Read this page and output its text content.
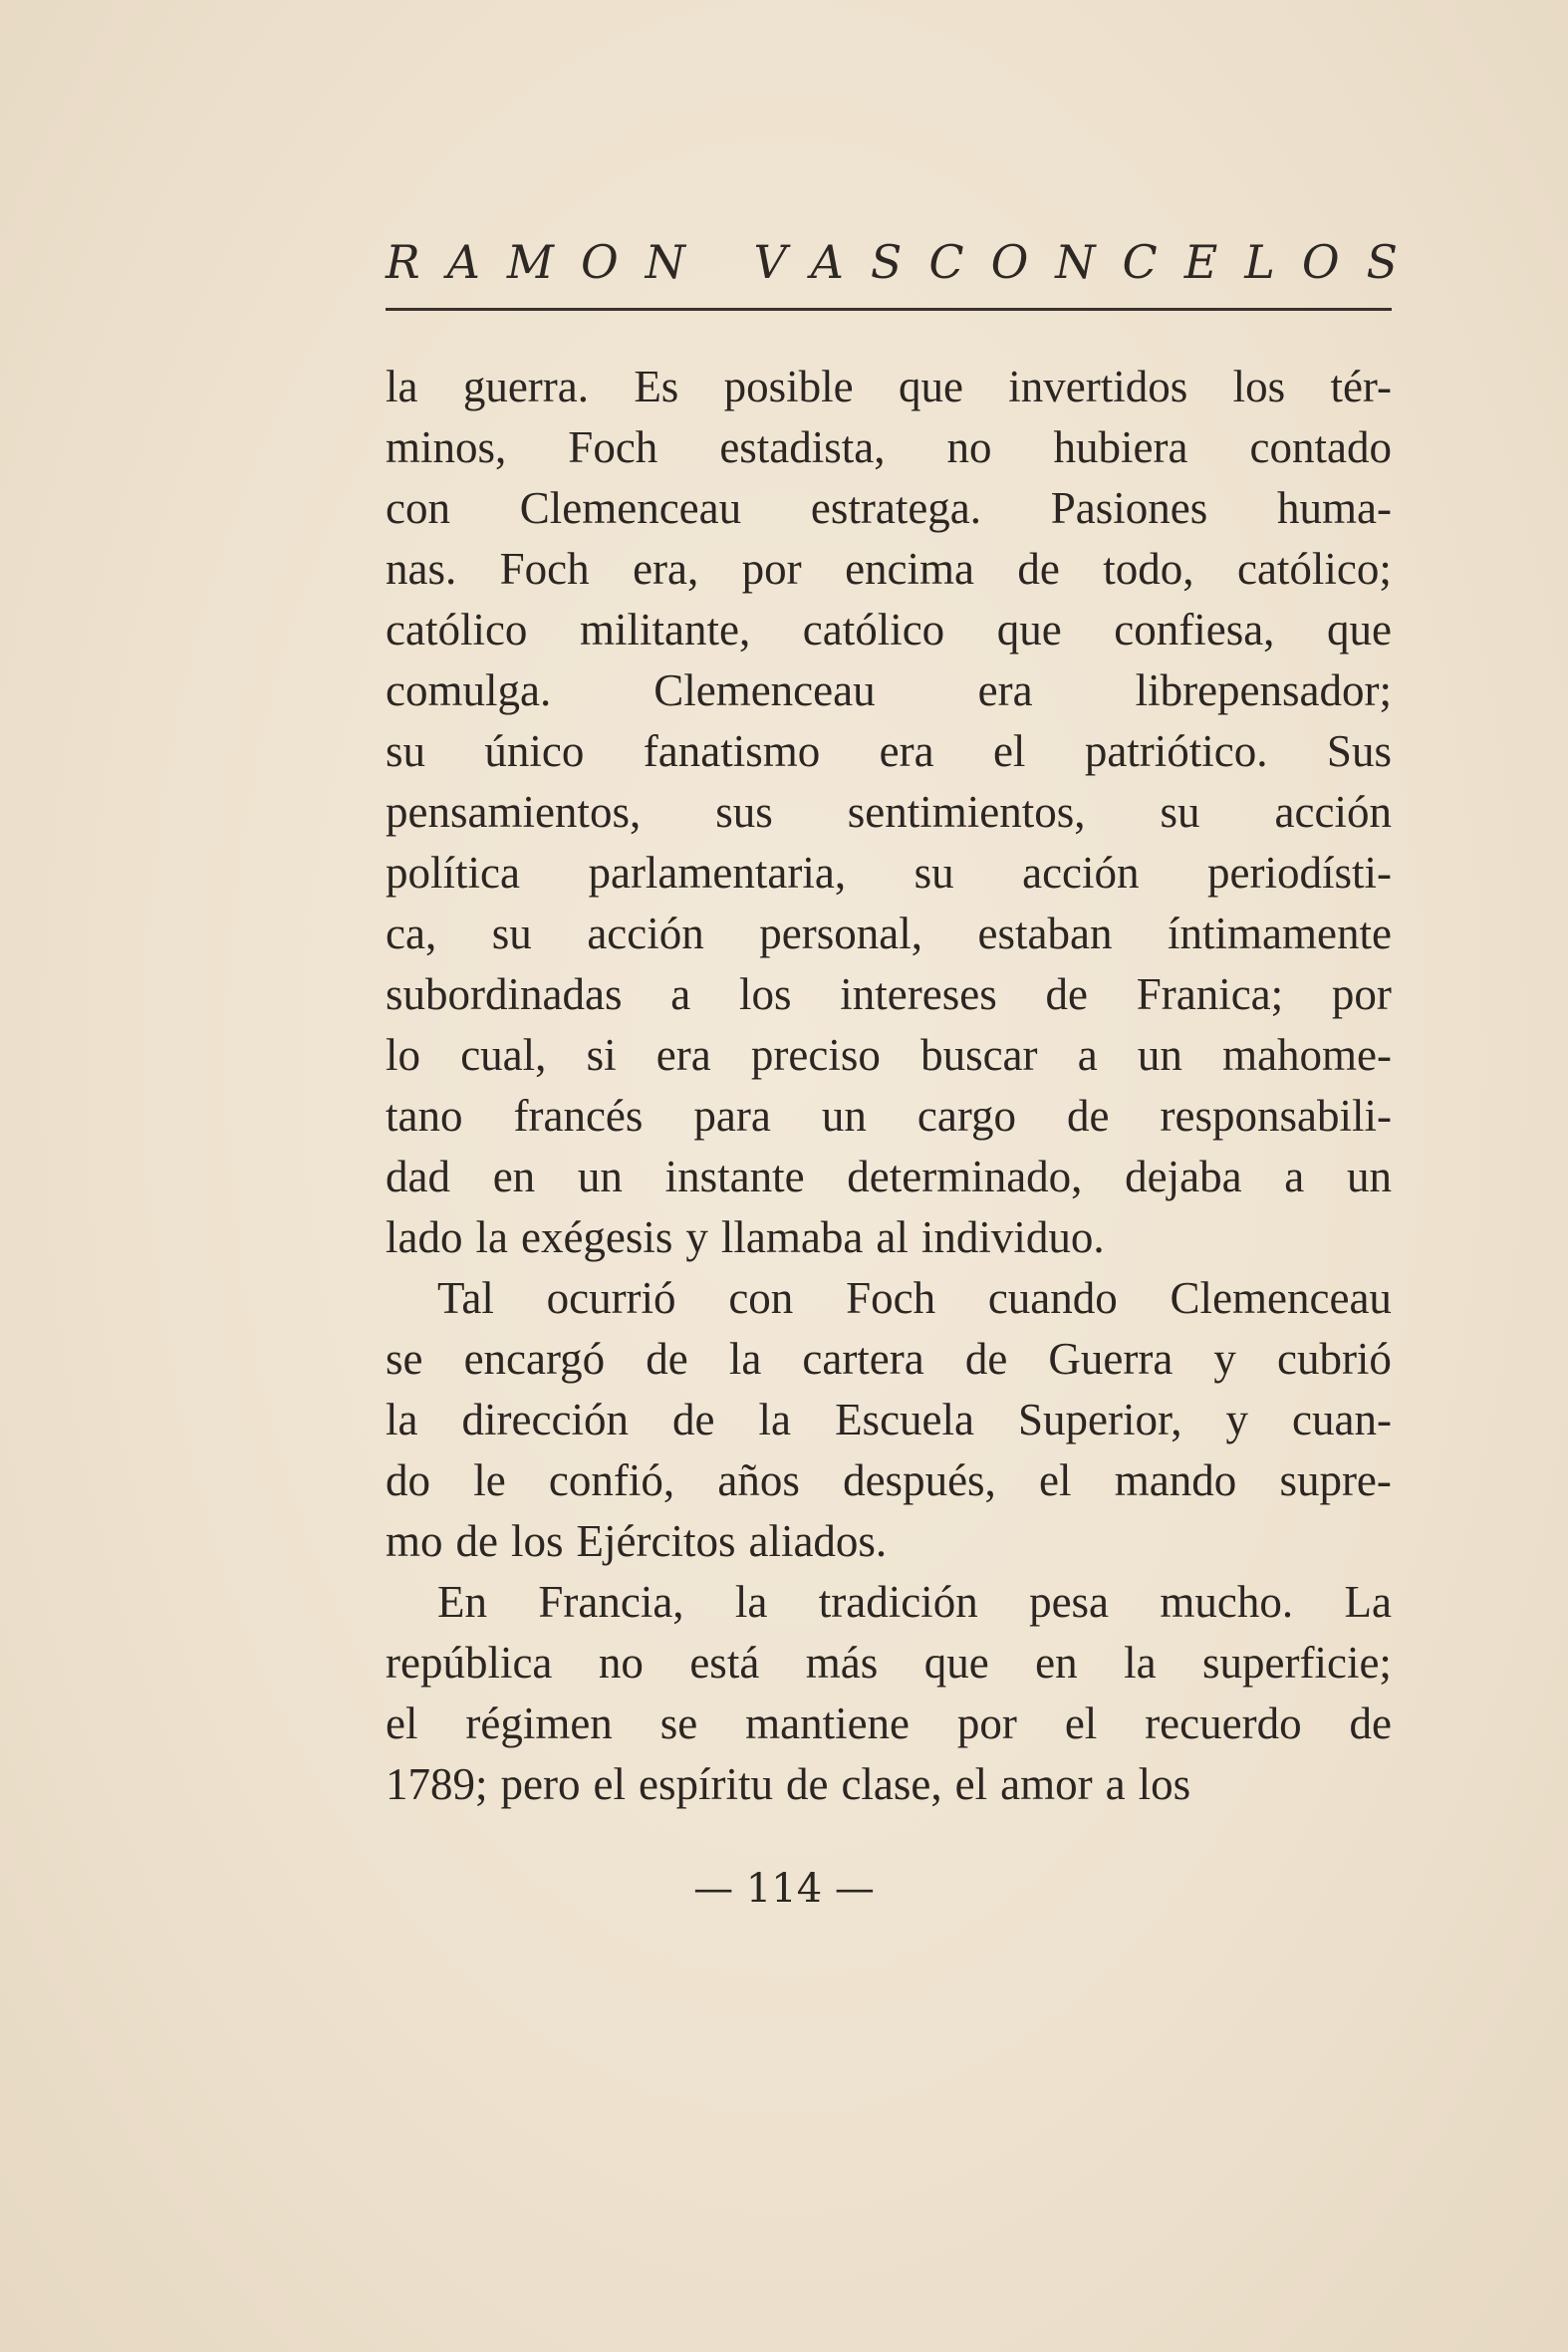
RAMON VASCONCELOS
la guerra. Es posible que invertidos los tér-
minos, Foch estadista, no hubiera contado
con Clemenceau estratega. Pasiones huma-
nas. Foch era, por encima de todo, católico;
católico militante, católico que confiesa, que
comulga. Clemenceau era librepensador;
su único fanatismo era el patriótico. Sus
pensamientos, sus sentimientos, su acción
política parlamentaria, su acción periodísti-
ca, su acción personal, estaban íntimamente
subordinadas a los intereses de Franica; por
lo cual, si era preciso buscar a un mahome-
tano francés para un cargo de responsabili-
dad en un instante determinado, dejaba a un
lado la exégesis y llamaba al individuo.
Tal ocurrió con Foch cuando Clemenceau
se encargó de la cartera de Guerra y cubrió
la dirección de la Escuela Superior, y cuan-
do le confió, años después, el mando supre-
mo de los Ejércitos aliados.
En Francia, la tradición pesa mucho. La
república no está más que en la superficie;
el régimen se mantiene por el recuerdo de
1789; pero el espíritu de clase, el amor a los
— 114 —
